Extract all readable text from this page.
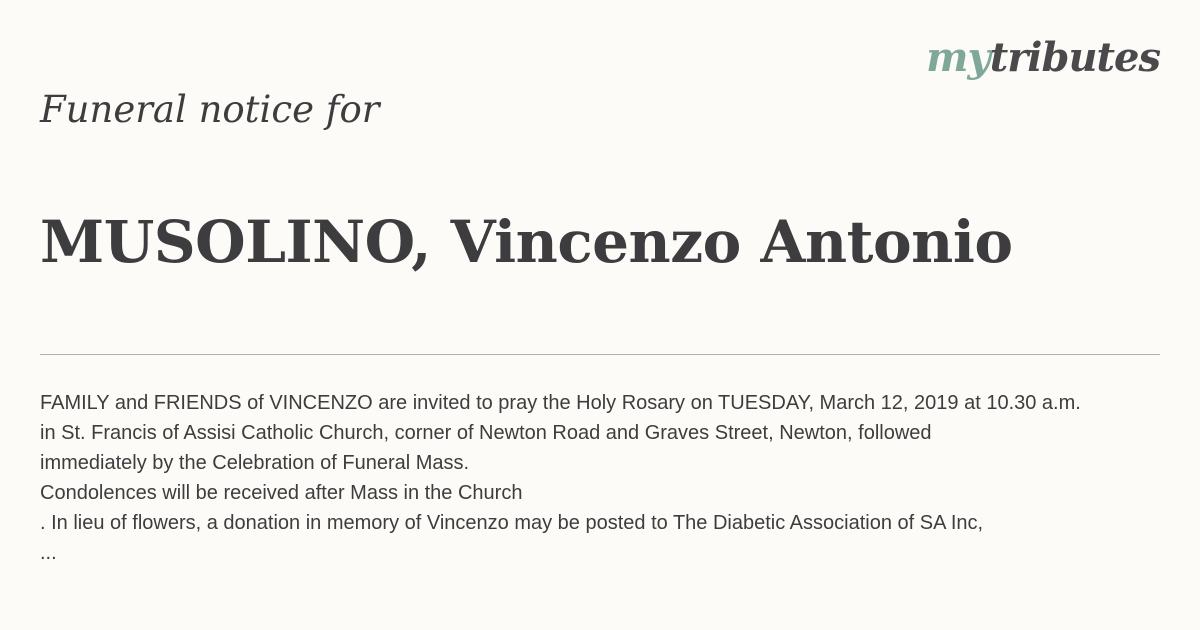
mytributes
Funeral notice for
MUSOLINO, Vincenzo Antonio
FAMILY and FRIENDS of VINCENZO are invited to pray the Holy Rosary on TUESDAY, March 12, 2019 at 10.30 a.m.
in St. Francis of Assisi Catholic Church, corner of Newton Road and Graves Street, Newton, followed
immediately by the Celebration of Funeral Mass.
Condolences will be received after Mass in the Church
. In lieu of flowers, a donation in memory of Vincenzo may be posted to The Diabetic Association of SA Inc,
...
